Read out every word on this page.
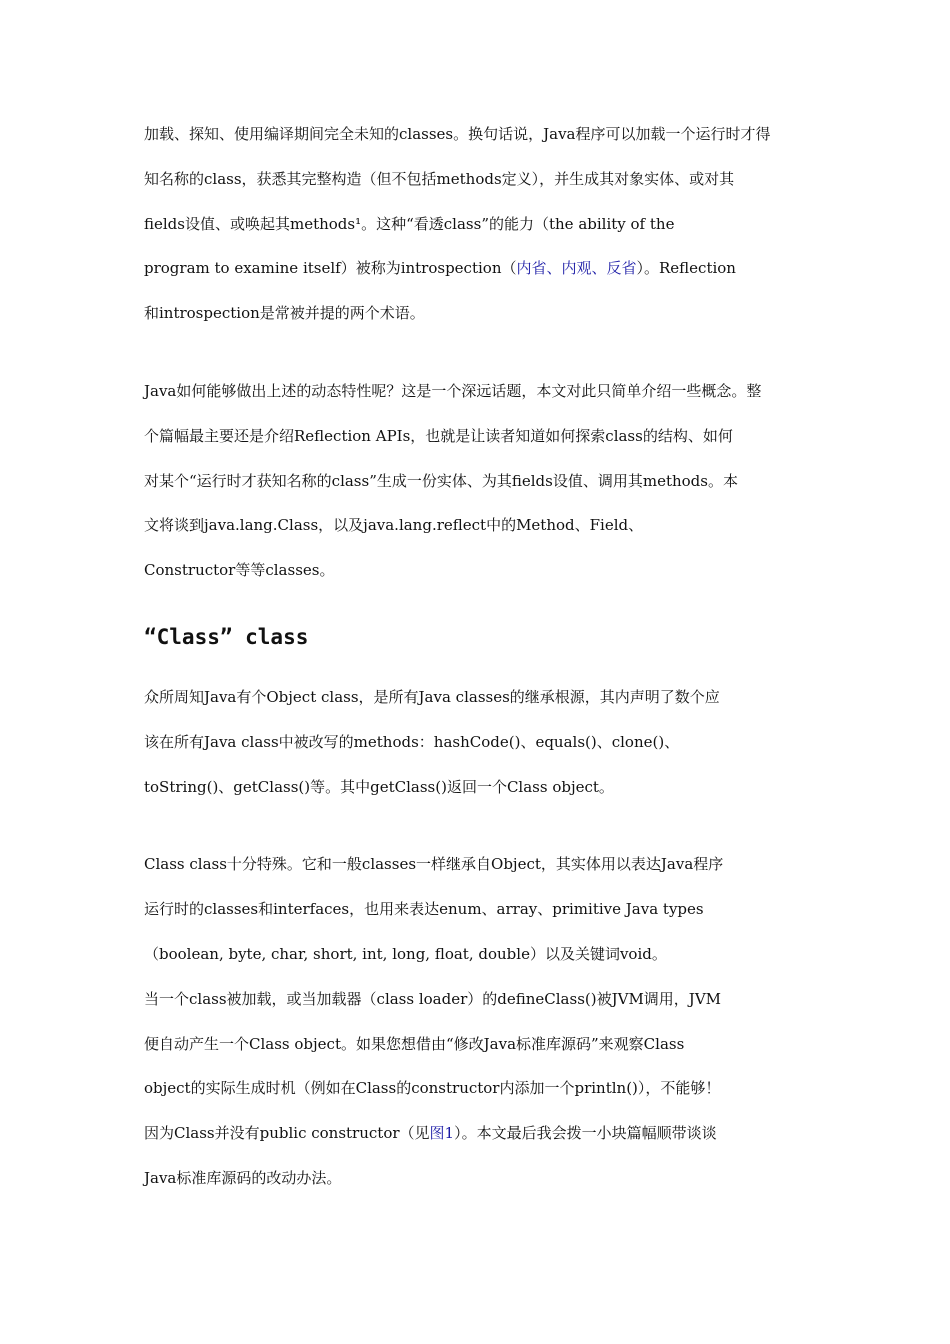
加载、探知、使用编译期间完全未知的classes。换句话说，Java程序可以加载一个运行时才得
知名称的class，获悉其完整构造（但不包括methods定义），并生成其对象实体、或对其
fields设值、或唤起其methods¹。这种“看透class”的能力（the ability of the
program to examine itself）被称为introspection（内省、内观、反省）。Reflection
和introspection是常被并提的两个术语。
Java如何能够做出上述的动态特性呢？这是一个深远话题，本文对此只简单介绍一些概念。整
个篇幅最主要还是介绍Reflection APIs，也就是让读者知道如何探索class的结构、如何
对某个“运行时才获知名称的class”生成一份实体、为其fields设值、调用其methods。本
文将谈到java.lang.Class，以及java.lang.reflect中的Method、Field、
Constructor等等classes。
“Class” class
众所周知Java有个Object class，是所有Java classes的继承根源，其内声明了数个应
该在所有Java class中被改写的methods：hashCode()、equals()、clone()、
toString()、getClass()等。其中getClass()返回一个Class object。
Class class十分特殊。它和一般classes一样继承自Object，其实体用以表达Java程序
运行时的classes和interfaces，也用来表达enum、array、primitive Java types
（boolean, byte, char, short, int, long, float, double）以及关键词void。
当一个class被加载，或当加载器（class loader）的defineClass()被JVM调用，JVM
便自动产生一个Class object。如果您想借由“修改Java标准库源码”来观察Class
object的实际生成时机（例如在Class的constructor内添加一个println()），不能够！
因为Class并没有public constructor（见图1）。本文最后我会拨一小块篇幅顺带谈谈
Java标准库源码的改动办法。
